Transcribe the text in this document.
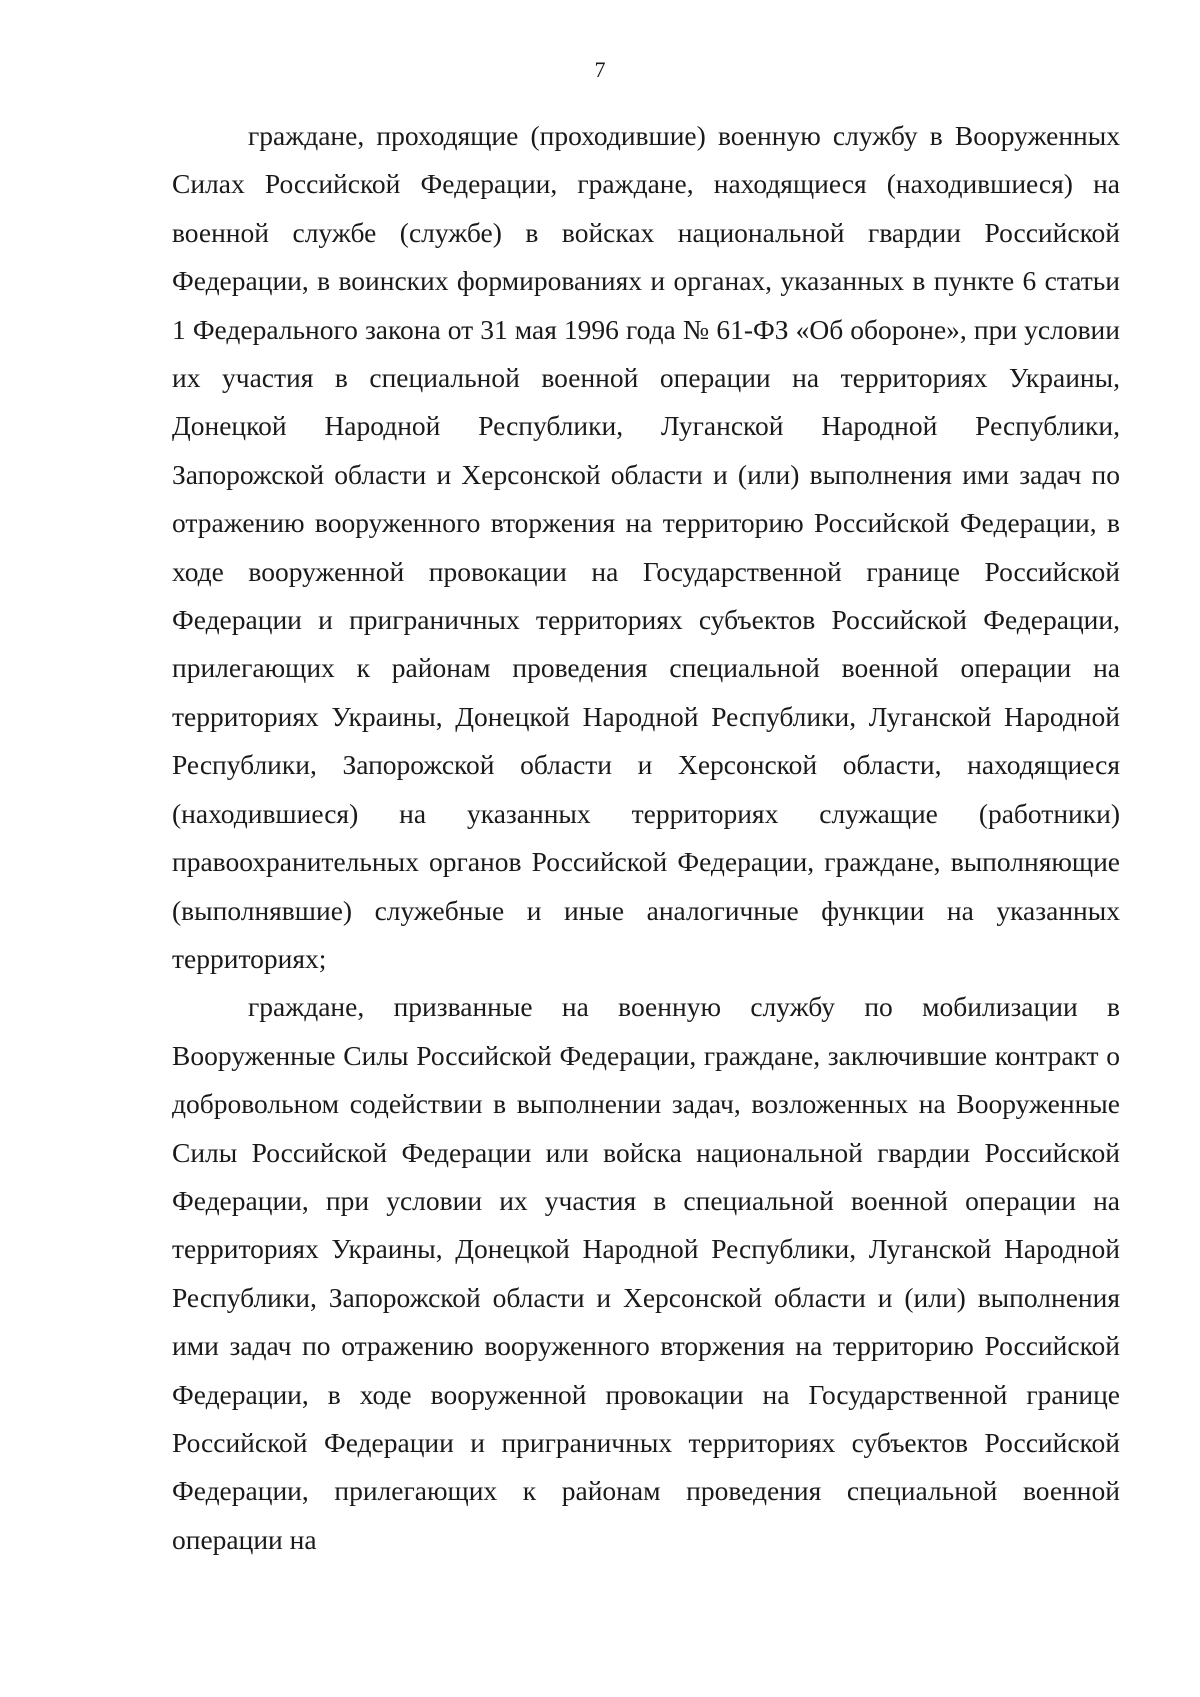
7

граждане, проходящие (проходившие) военную службу в Вооруженных Силах Российской Федерации, граждане, находящиеся (находившиеся) на военной службе (службе) в войсках национальной гвардии Российской Федерации, в воинских формированиях и органах, указанных в пункте 6 статьи 1 Федерального закона от 31 мая 1996 года № 61-ФЗ «Об обороне», при условии их участия в специальной военной операции на территориях Украины, Донецкой Народной Республики, Луганской Народной Республики, Запорожской области и Херсонской области и (или) выполнения ими задач по отражению вооруженного вторжения на территорию Российской Федерации, в ходе вооруженной провокации на Государственной границе Российской Федерации и приграничных территориях субъектов Российской Федерации, прилегающих к районам проведения специальной военной операции на территориях Украины, Донецкой Народной Республики, Луганской Народной Республики, Запорожской области и Херсонской области, находящиеся (находившиеся) на указанных территориях служащие (работники) правоохранительных органов Российской Федерации, граждане, выполняющие (выполнявшие) служебные и иные аналогичные функции на указанных территориях;

граждане, призванные на военную службу по мобилизации в Вооруженные Силы Российской Федерации, граждане, заключившие контракт о добровольном содействии в выполнении задач, возложенных на Вооруженные Силы Российской Федерации или войска национальной гвардии Российской Федерации, при условии их участия в специальной военной операции на территориях Украины, Донецкой Народной Республики, Луганской Народной Республики, Запорожской области и Херсонской области и (или) выполнения ими задач по отражению вооруженного вторжения на территорию Российской Федерации, в ходе вооруженной провокации на Государственной границе Российской Федерации и приграничных территориях субъектов Российской Федерации, прилегающих к районам проведения специальной военной операции на
